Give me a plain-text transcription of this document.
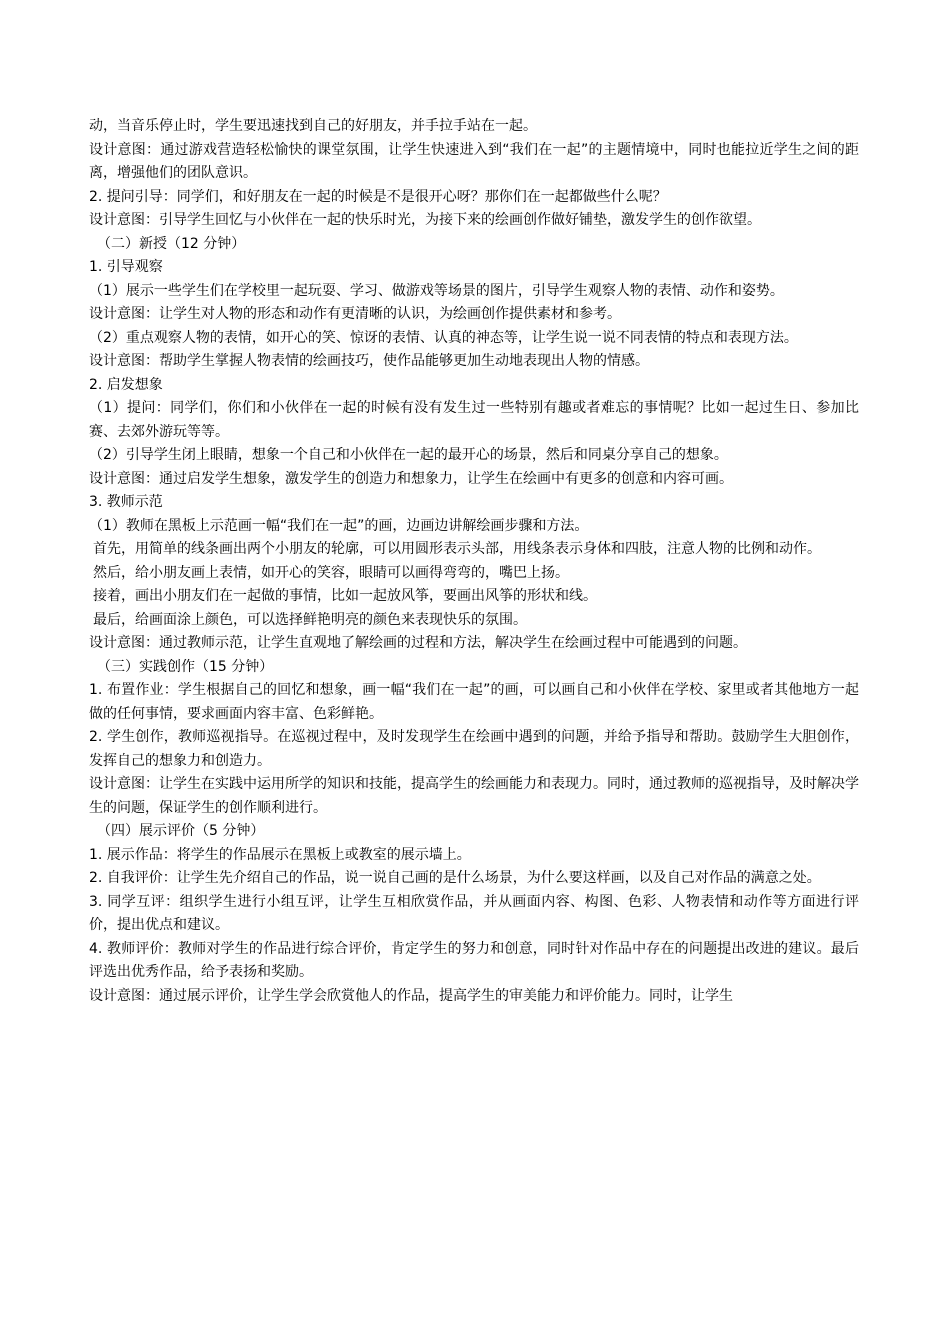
动，当音乐停止时，学生要迅速找到自己的好朋友，并手拉手站在一起。

设计意图：通过游戏营造轻松愉快的课堂氛围，让学生快速进入到“我们在一起”的主题情境中，同时也能拉近学生之间的距离，增强他们的团队意识。

2. 提问引导：同学们，和好朋友在一起的时候是不是很开心呀？那你们在一起都做些什么呢？

设计意图：引导学生回忆与小伙伴在一起的快乐时光，为接下来的绘画创作做好铺垫，激发学生的创作欲望。

（二）新授（12 分钟）

1. 引导观察

（1）展示一些学生们在学校里一起玩耍、学习、做游戏等场景的图片，引导学生观察人物的表情、动作和姿势。

设计意图：让学生对人物的形态和动作有更清晰的认识，为绘画创作提供素材和参考。

（2）重点观察人物的表情，如开心的笑、惊讶的表情、认真的神态等，让学生说一说不同表情的特点和表现方法。

设计意图：帮助学生掌握人物表情的绘画技巧，使作品能够更加生动地表现出人物的情感。

2. 启发想象

（1）提问：同学们，你们和小伙伴在一起的时候有没有发生过一些特别有趣或者难忘的事情呢？比如一起过生日、参加比赛、去郊外游玩等等。

（2）引导学生闭上眼睛，想象一个自己和小伙伴在一起的最开心的场景，然后和同桌分享自己的想象。

设计意图：通过启发学生想象，激发学生的创造力和想象力，让学生在绘画中有更多的创意和内容可画。

3. 教师示范

（1）教师在黑板上示范画一幅“我们在一起”的画，边画边讲解绘画步骤和方法。

首先，用简单的线条画出两个小朋友的轮廓，可以用圆形表示头部，用线条表示身体和四肢，注意人物的比例和动作。

然后，给小朋友画上表情，如开心的笑容，眼睛可以画得弯弯的，嘴巴上扬。

接着，画出小朋友们在一起做的事情，比如一起放风筝，要画出风筝的形状和线。

最后，给画面涂上颜色，可以选择鲜艳明亮的颜色来表现快乐的氛围。

设计意图：通过教师示范，让学生直观地了解绘画的过程和方法，解决学生在绘画过程中可能遇到的问题。

（三）实践创作（15 分钟）

1. 布置作业：学生根据自己的回忆和想象，画一幅“我们在一起”的画，可以画自己和小伙伴在学校、家里或者其他地方一起做的任何事情，要求画面内容丰富、色彩鲜艳。

2. 学生创作，教师巡视指导。在巡视过程中，及时发现学生在绘画中遇到的问题，并给予指导和帮助。鼓励学生大胆创作，发挥自己的想象力和创造力。

设计意图：让学生在实践中运用所学的知识和技能，提高学生的绘画能力和表现力。同时，通过教师的巡视指导，及时解决学生的问题，保证学生的创作顺利进行。

（四）展示评价（5 分钟）

1. 展示作品：将学生的作品展示在黑板上或教室的展示墙上。

2. 自我评价：让学生先介绍自己的作品，说一说自己画的是什么场景，为什么要这样画，以及自己对作品的满意之处。

3. 同学互评：组织学生进行小组互评，让学生互相欣赏作品，并从画面内容、构图、色彩、人物表情和动作等方面进行评价，提出优点和建议。

4. 教师评价：教师对学生的作品进行综合评价，肯定学生的努力和创意，同时针对作品中存在的问题提出改进的建议。最后评选出优秀作品，给予表扬和奖励。

设计意图：通过展示评价，让学生学会欣赏他人的作品，提高学生的审美能力和评价能力。同时，让学生
